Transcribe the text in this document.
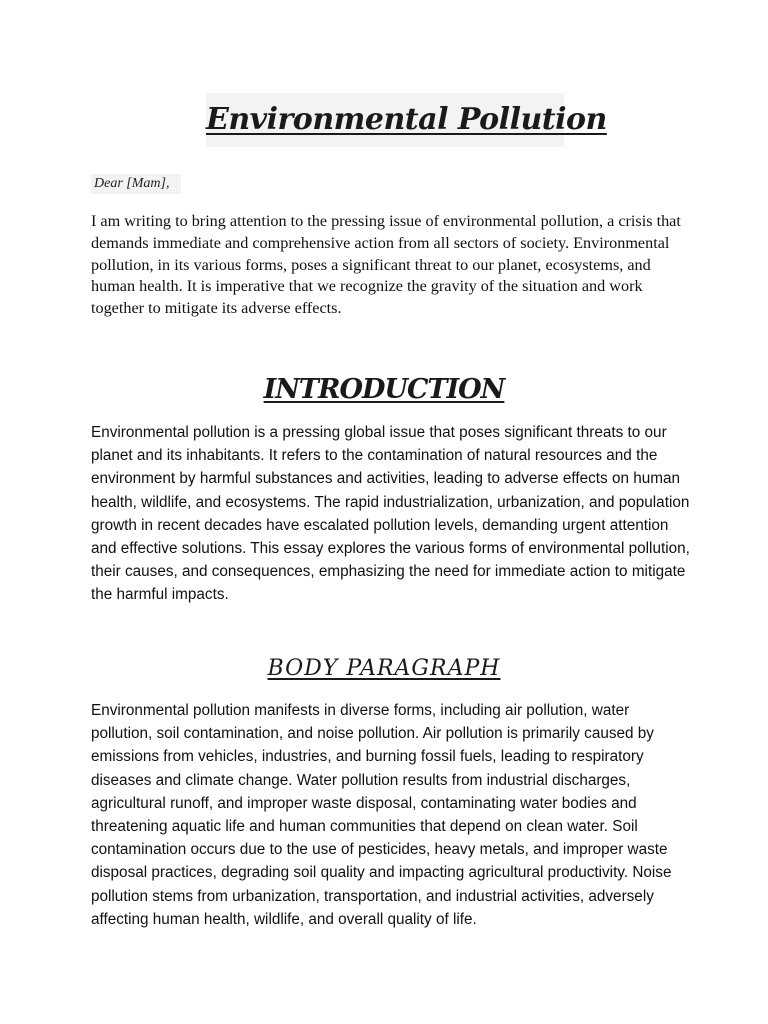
Environmental Pollution
Dear [Mam],
I am writing to bring attention to the pressing issue of environmental pollution, a crisis that demands immediate and comprehensive action from all sectors of society. Environmental pollution, in its various forms, poses a significant threat to our planet, ecosystems, and human health. It is imperative that we recognize the gravity of the situation and work together to mitigate its adverse effects.
INTRODUCTION
Environmental pollution is a pressing global issue that poses significant threats to our planet and its inhabitants. It refers to the contamination of natural resources and the environment by harmful substances and activities, leading to adverse effects on human health, wildlife, and ecosystems. The rapid industrialization, urbanization, and population growth in recent decades have escalated pollution levels, demanding urgent attention and effective solutions. This essay explores the various forms of environmental pollution, their causes, and consequences, emphasizing the need for immediate action to mitigate the harmful impacts.
BODY PARAGRAPH
Environmental pollution manifests in diverse forms, including air pollution, water pollution, soil contamination, and noise pollution. Air pollution is primarily caused by emissions from vehicles, industries, and burning fossil fuels, leading to respiratory diseases and climate change. Water pollution results from industrial discharges, agricultural runoff, and improper waste disposal, contaminating water bodies and threatening aquatic life and human communities that depend on clean water. Soil contamination occurs due to the use of pesticides, heavy metals, and improper waste disposal practices, degrading soil quality and impacting agricultural productivity. Noise pollution stems from urbanization, transportation, and industrial activities, adversely affecting human health, wildlife, and overall quality of life.
